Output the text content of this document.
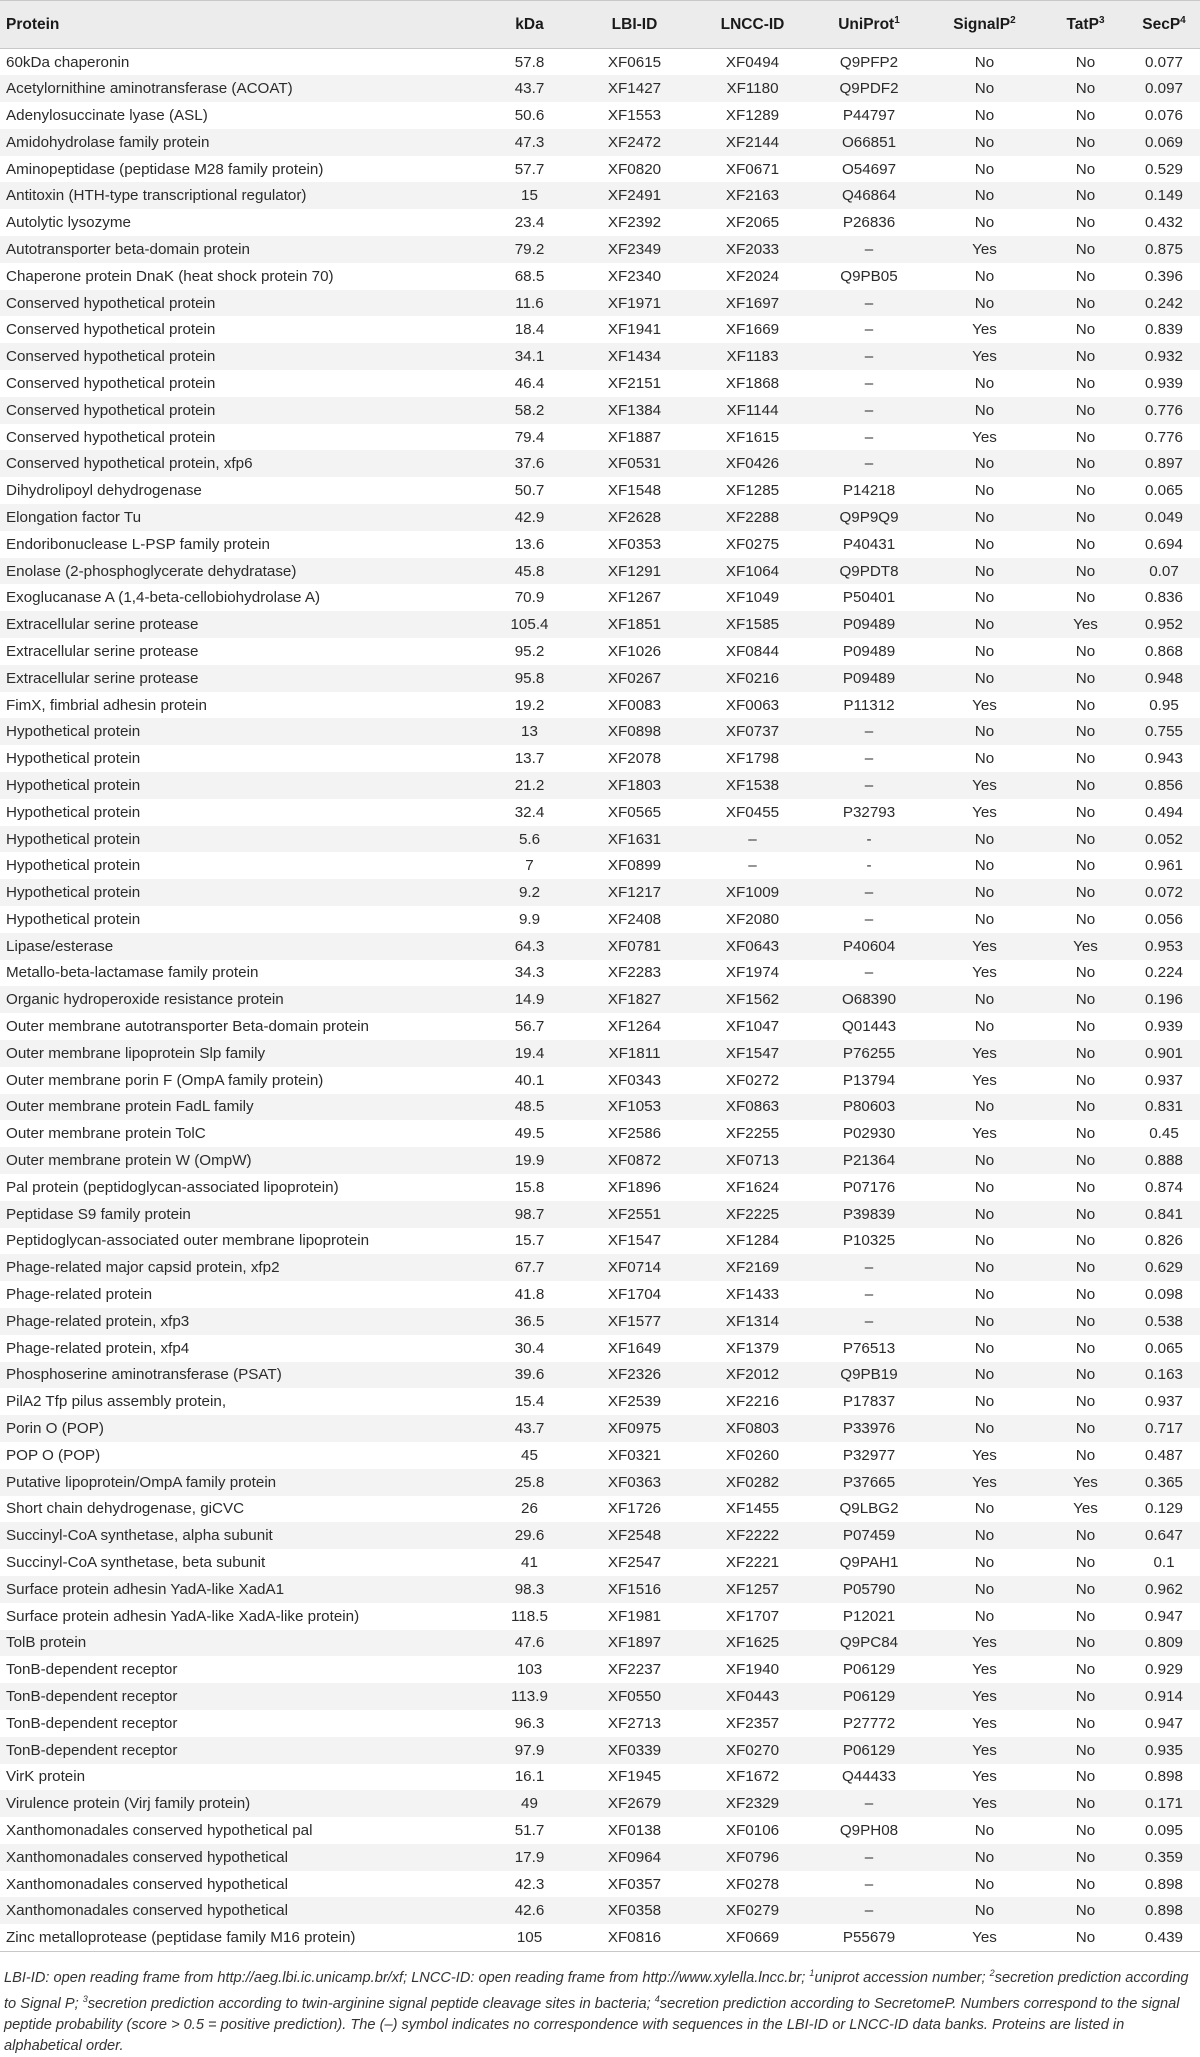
Protein	kDa	LBI-ID	LNCC-ID	UniProt$^1$	SignalP$^2$	TatP$^3$	SecP$^4$
60kDa chaperonin	57.8	XF0615	XF0494	Q9PFP2	No	No	0.077
Acetylornithine aminotransferase (ACOAT)	43.7	XF1427	XF1180	Q9PDF2	No	No	0.097
Adenylosuccinate lyase (ASL)	50.6	XF1553	XF1289	P44797	No	No	0.076
Amidohydrolase family protein	47.3	XF2472	XF2144	O66851	No	No	0.069
Aminopeptidase (peptidase M28 family protein)	57.7	XF0820	XF0671	O54697	No	No	0.529
Antitoxin (HTH-type transcriptional regulator)	15	XF2491	XF2163	Q46864	No	No	0.149
Autolytic lysozyme	23.4	XF2392	XF2065	P26836	No	No	0.432
Autotransporter beta-domain protein	79.2	XF2349	XF2033	–	Yes	No	0.875
Chaperone protein DnaK (heat shock protein 70)	68.5	XF2340	XF2024	Q9PB05	No	No	0.396
Conserved hypothetical protein	11.6	XF1971	XF1697	–	No	No	0.242
Conserved hypothetical protein	18.4	XF1941	XF1669	–	Yes	No	0.839
Conserved hypothetical protein	34.1	XF1434	XF1183	–	Yes	No	0.932
Conserved hypothetical protein	46.4	XF2151	XF1868	–	No	No	0.939
Conserved hypothetical protein	58.2	XF1384	XF1144	–	No	No	0.776
Conserved hypothetical protein	79.4	XF1887	XF1615	–	Yes	No	0.776
Conserved hypothetical protein, xfp6	37.6	XF0531	XF0426	–	No	No	0.897
Dihydrolipoyl dehydrogenase	50.7	XF1548	XF1285	P14218	No	No	0.065
Elongation factor Tu	42.9	XF2628	XF2288	Q9P9Q9	No	No	0.049
Endoribonuclease L-PSP family protein	13.6	XF0353	XF0275	P40431	No	No	0.694
Enolase (2-phosphoglycerate dehydratase)	45.8	XF1291	XF1064	Q9PDT8	No	No	0.07
Exoglucanase A (1,4-beta-cellobiohydrolase A)	70.9	XF1267	XF1049	P50401	No	No	0.836
Extracellular serine protease	105.4	XF1851	XF1585	P09489	No	Yes	0.952
Extracellular serine protease	95.2	XF1026	XF0844	P09489	No	No	0.868
Extracellular serine protease	95.8	XF0267	XF0216	P09489	No	No	0.948
FimX, fimbrial adhesin protein	19.2	XF0083	XF0063	P11312	Yes	No	0.95
Hypothetical protein	13	XF0898	XF0737	–	No	No	0.755
Hypothetical protein	13.7	XF2078	XF1798	–	No	No	0.943
Hypothetical protein	21.2	XF1803	XF1538	–	Yes	No	0.856
Hypothetical protein	32.4	XF0565	XF0455	P32793	Yes	No	0.494
Hypothetical protein	5.6	XF1631	–	-	No	No	0.052
Hypothetical protein	7	XF0899	–	-	No	No	0.961
Hypothetical protein	9.2	XF1217	XF1009	–	No	No	0.072
Hypothetical protein	9.9	XF2408	XF2080	–	No	No	0.056
Lipase/esterase	64.3	XF0781	XF0643	P40604	Yes	Yes	0.953
Metallo-beta-lactamase family protein	34.3	XF2283	XF1974	–	Yes	No	0.224
Organic hydroperoxide resistance protein	14.9	XF1827	XF1562	O68390	No	No	0.196
Outer membrane autotransporter Beta-domain protein	56.7	XF1264	XF1047	Q01443	No	No	0.939
Outer membrane lipoprotein Slp family	19.4	XF1811	XF1547	P76255	Yes	No	0.901
Outer membrane porin F (OmpA family protein)	40.1	XF0343	XF0272	P13794	Yes	No	0.937
Outer membrane protein FadL family	48.5	XF1053	XF0863	P80603	No	No	0.831
Outer membrane protein TolC	49.5	XF2586	XF2255	P02930	Yes	No	0.45
Outer membrane protein W (OmpW)	19.9	XF0872	XF0713	P21364	No	No	0.888
Pal protein (peptidoglycan-associated lipoprotein)	15.8	XF1896	XF1624	P07176	No	No	0.874
Peptidase S9 family protein	98.7	XF2551	XF2225	P39839	No	No	0.841
Peptidoglycan-associated outer membrane lipoprotein	15.7	XF1547	XF1284	P10325	No	No	0.826
Phage-related major capsid protein, xfp2	67.7	XF0714	XF2169	–	No	No	0.629
Phage-related protein	41.8	XF1704	XF1433	–	No	No	0.098
Phage-related protein, xfp3	36.5	XF1577	XF1314	–	No	No	0.538
Phage-related protein, xfp4	30.4	XF1649	XF1379	P76513	No	No	0.065
Phosphoserine aminotransferase (PSAT)	39.6	XF2326	XF2012	Q9PB19	No	No	0.163
PilA2 Tfp pilus assembly protein,	15.4	XF2539	XF2216	P17837	No	No	0.937
Porin O (POP)	43.7	XF0975	XF0803	P33976	No	No	0.717
POP O (POP)	45	XF0321	XF0260	P32977	Yes	No	0.487
Putative lipoprotein/OmpA family protein	25.8	XF0363	XF0282	P37665	Yes	Yes	0.365
Short chain dehydrogenase, giCVC	26	XF1726	XF1455	Q9LBG2	No	Yes	0.129
Succinyl-CoA synthetase, alpha subunit	29.6	XF2548	XF2222	P07459	No	No	0.647
Succinyl-CoA synthetase, beta subunit	41	XF2547	XF2221	Q9PAH1	No	No	0.1
Surface protein adhesin YadA-like XadA1	98.3	XF1516	XF1257	P05790	No	No	0.962
Surface protein adhesin YadA-like XadA-like protein)	118.5	XF1981	XF1707	P12021	No	No	0.947
TolB protein	47.6	XF1897	XF1625	Q9PC84	Yes	No	0.809
TonB-dependent receptor	103	XF2237	XF1940	P06129	Yes	No	0.929
TonB-dependent receptor	113.9	XF0550	XF0443	P06129	Yes	No	0.914
TonB-dependent receptor	96.3	XF2713	XF2357	P27772	Yes	No	0.947
TonB-dependent receptor	97.9	XF0339	XF0270	P06129	Yes	No	0.935
VirK protein	16.1	XF1945	XF1672	Q44433	Yes	No	0.898
Virulence protein (Virj family protein)	49	XF2679	XF2329	–	Yes	No	0.171
Xanthomonadales conserved hypothetical pal	51.7	XF0138	XF0106	Q9PH08	No	No	0.095
Xanthomonadales conserved hypothetical	17.9	XF0964	XF0796	–	No	No	0.359
Xanthomonadales conserved hypothetical	42.3	XF0357	XF0278	–	No	No	0.898
Xanthomonadales conserved hypothetical	42.6	XF0358	XF0279	–	No	No	0.898
Zinc metalloprotease (peptidase family M16 protein)	105	XF0816	XF0669	P55679	Yes	No	0.439
LBI-ID: open reading frame from http://aeg.lbi.ic.unicamp.br/xf; LNCC-ID: open reading frame from http://www.xylella.lncc.br; $^1$uniprot accession number; $^2$secretion prediction according to Signal P; $^3$secretion prediction according to twin-arginine signal peptide cleavage sites in bacteria; $^4$secretion prediction according to SecretomeP. Numbers correspond to the signal peptide probability (score > 0.5 = positive prediction). The (–) symbol indicates no correspondence with sequences in the LBI-ID or LNCC-ID data banks. Proteins are listed in alphabetical order.
